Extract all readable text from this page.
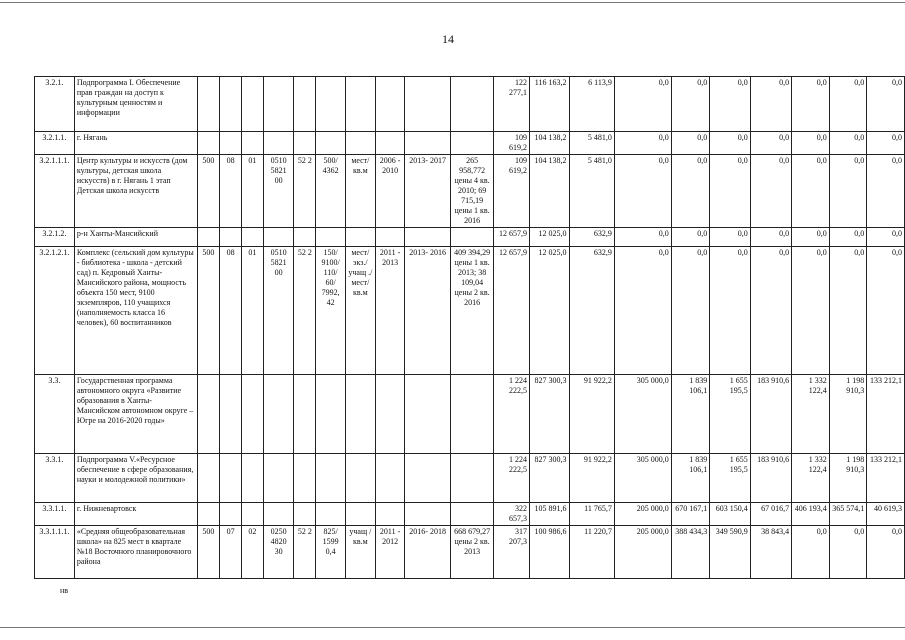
14
3.2.1.	Подпрограмма I. Обеспечение прав граждан на доступ к культурным ценностям и информации											122 277,1	116 163,2	6 113,9	0,0	0,0	0,0	0,0	0,0	0,0	0,0
3.2.1.1.	г. Нягань											109 619,2	104 138,2	5 481,0	0,0	0,0	0,0	0,0	0,0	0,0	0,0
3.2.1.1.1.	Центр культуры и искусств (дом культуры, детская школа искусств) в г. Нягань 1 этап Детская школа искусств	500	08	01	0510 5821 00	52 2	500/ 4362	мест/ кв.м	2006 - 2010	2013- 2017	265 958,772 цены 4 кв. 2010; 69 715,19 цены 1 кв. 2016	109 619,2	104 138,2	5 481,0	0,0	0,0	0,0	0,0	0,0	0,0	0,0
3.2.1.2.	р-н Ханты-Мансийский											12 657,9	12 025,0	632,9	0,0	0,0	0,0	0,0	0,0	0,0	0,0
3.2.1.2.1.	Комплекс (сельский дом культуры - библиотека - школа - детский сад) п. Кедровый Ханты-Мансийского района, мощность объекта 150 мест, 9100 экземпляров, 110 учащихся (наполняемость класса 16 человек), 60 воспитанников	500	08	01	0510 5821 00	52 2	150/ 9100/ 110/ 60/ 7992, 42	мест/ экз./ учащ ./ мест/ кв.м	2011 - 2013	2013- 2016	409 394,29 цены 1 кв. 2013; 38 109,04 цены 2 кв. 2016	12 657,9	12 025,0	632,9	0,0	0,0	0,0	0,0	0,0	0,0	0,0
3.3.	Государственная программа автономного округа «Развитие образования в Ханты-Мансийском автономном округе – Югре на 2016-2020 годы»											1 224 222,5	827 300,3	91 922,2	305 000,0	1 839 106,1	1 655 195,5	183 910,6	1 332 122,4	1 198 910,3	133 212,1
3.3.1.	Подпрограмма V.«Ресурсное обеспечение в сфере образования, науки и молодежной политики»											1 224 222,5	827 300,3	91 922,2	305 000,0	1 839 106,1	1 655 195,5	183 910,6	1 332 122,4	1 198 910,3	133 212,1
3.3.1.1.	г. Нижневартовск											322 657,3	105 891,6	11 765,7	205 000,0	670 167,1	603 150,4	67 016,7	406 193,4	365 574,1	40 619,3
3.3.1.1.1.	«Средняя общеобразовательная школа» на 825 мест в квартале №18 Восточного планировочного района	500	07	02	0250 4820 30	52 2	825/ 1599 0,4	учащ / кв.м	2011 - 2012	2016- 2018	668 679,27 цены 2 кв. 2013	317 207,3	100 986,6	11 220,7	205 000,0	388 434,3	349 590,9	38 843,4	0,0	0,0	0,0
нв
